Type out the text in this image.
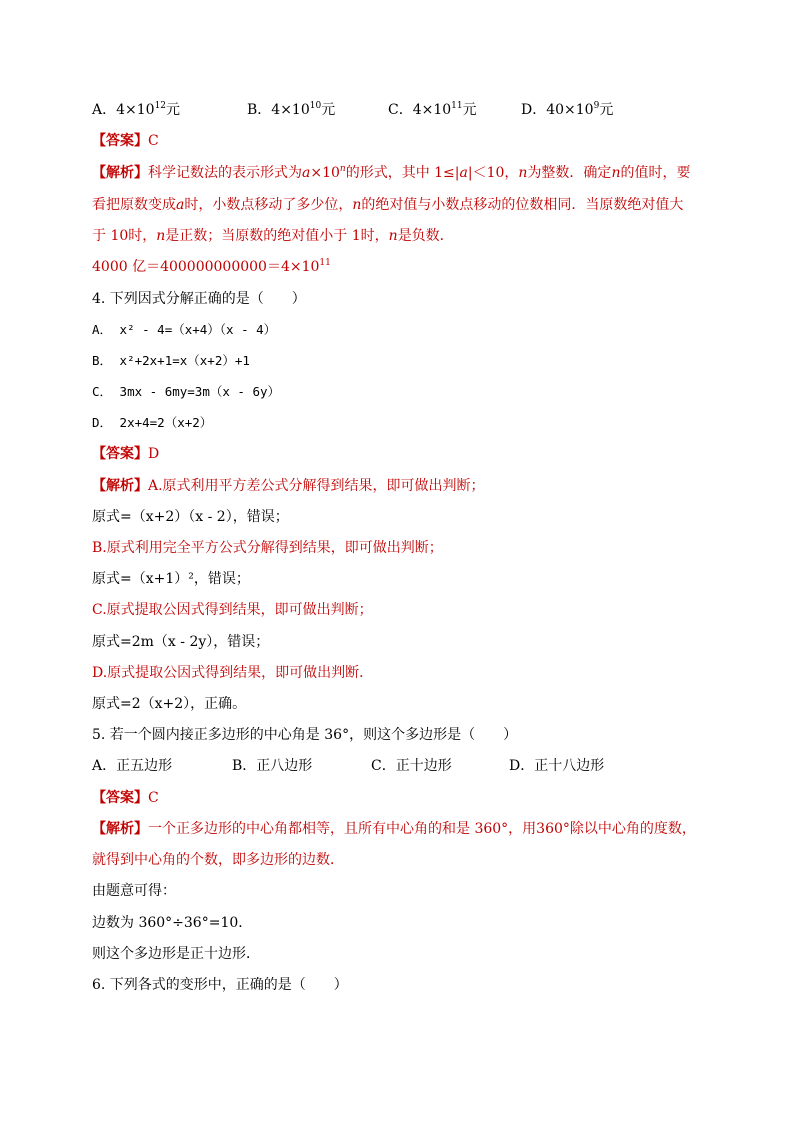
A．$4\times 10^{12}$元	B．$4\times 10^{10}$元	C．$4\times 10^{11}$元	D．$40\times 10^9$元
【答案】C
【解析】科学记数法的表示形式为$a\times 10^n$的形式，其中 1≤|a|＜10，n为整数．确定n的值时，要
看把原数变成a时，小数点移动了多少位，n的绝对值与小数点移动的位数相同．当原数绝对值大
于 10时，n是正数；当原数的绝对值小于 1时，n是负数．
4000 亿$=400000000000=4\times 10^{11}$
4. 下列因式分解正确的是（　　）
A． x² - 4=（x+4）（x - 4）
B． x²+2x+1=x（x+2）+1
C． 3mx - 6my=3m（x - 6y）
D． 2x+4=2（x+2）
【答案】D
【解析】A.原式利用平方差公式分解得到结果，即可做出判断；
原式=（x+2）（x - 2），错误；
B.原式利用完全平方公式分解得到结果，即可做出判断；
原式=（x+1）²，错误；
C.原式提取公因式得到结果，即可做出判断；
原式=2m（x - 2y），错误；
D.原式提取公因式得到结果，即可做出判断．
原式=2（x+2），正确。
5. 若一个圆内接正多边形的中心角是 36°，则这个多边形是（　　）
A．正五边形	B．正八边形	C．正十边形	D．正十八边形
【答案】C
【解析】一个正多边形的中心角都相等，且所有中心角的和是 360°，用360°除以中心角的度数，
就得到中心角的个数，即多边形的边数．
由题意可得：
边数为 360°÷36°=10．
则这个多边形是正十边形．
6. 下列各式的变形中，正确的是（　　）
